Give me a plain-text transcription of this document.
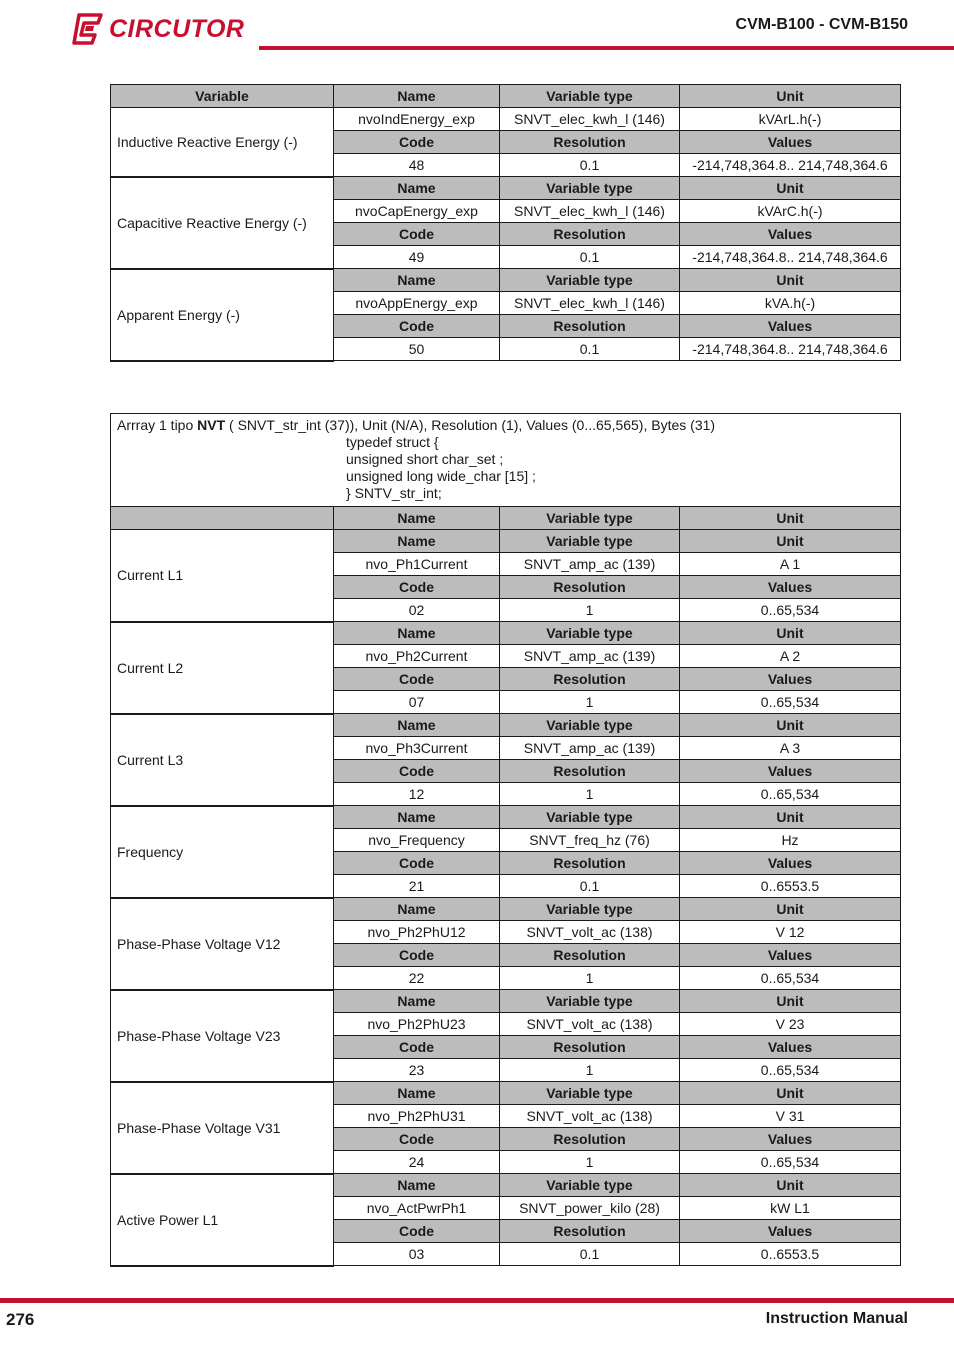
CIRCUTOR	CVM-B100 - CVM-B150
Variable	Name	Variable type	Unit
Inductive Reactive Energy (-)	nvoIndEnergy_exp	SNVT_elec_kwh_l (146)	kVArL.h(-)
	Code	Resolution	Values
	48	0.1	-214,748,364.8.. 214,748,364.6
Capacitive Reactive Energy (-)	Name	Variable type	Unit
	nvoCapEnergy_exp	SNVT_elec_kwh_l (146)	kVArC.h(-)
	Code	Resolution	Values
	49	0.1	-214,748,364.8.. 214,748,364.6
Apparent Energy (-)	Name	Variable type	Unit
	nvoAppEnergy_exp	SNVT_elec_kwh_l (146)	kVA.h(-)
	Code	Resolution	Values
	50	0.1	-214,748,364.8.. 214,748,364.6
Arrray 1 tipo NVT ( SNVT_str_int (37)), Unit (N/A), Resolution (1), Values (0...65,565), Bytes (31)
typedef struct {
unsigned short char_set ;
unsigned long wide_char [15] ;
} SNTV_str_int;			

	Name	Variable type	Unit
Current L1	Name	Variable type	Unit
	nvo_Ph1Current	SNVT_amp_ac (139)	A 1
	Code	Resolution	Values
	02	1	0..65,534
Current L2	Name	Variable type	Unit
	nvo_Ph2Current	SNVT_amp_ac (139)	A 2
	Code	Resolution	Values
	07	1	0..65,534
Current L3	Name	Variable type	Unit
	nvo_Ph3Current	SNVT_amp_ac (139)	A 3
	Code	Resolution	Values
	12	1	0..65,534
Frequency	Name	Variable type	Unit
	nvo_Frequency	SNVT_freq_hz (76)	Hz
	Code	Resolution	Values
	21	0.1	0..6553.5
Phase-Phase Voltage V12	Name	Variable type	Unit
	nvo_Ph2PhU12	SNVT_volt_ac (138)	V 12
	Code	Resolution	Values
	22	1	0..65,534
Phase-Phase Voltage V23	Name	Variable type	Unit
	nvo_Ph2PhU23	SNVT_volt_ac (138)	V 23
	Code	Resolution	Values
	23	1	0..65,534
Phase-Phase Voltage V31	Name	Variable type	Unit
	nvo_Ph2PhU31	SNVT_volt_ac (138)	V 31
	Code	Resolution	Values
	24	1	0..65,534
Active Power L1	Name	Variable type	Unit
	nvo_ActPwrPh1	SNVT_power_kilo (28)	kW L1
	Code	Resolution	Values
	03	0.1	0..6553.5
276	Instruction Manual
